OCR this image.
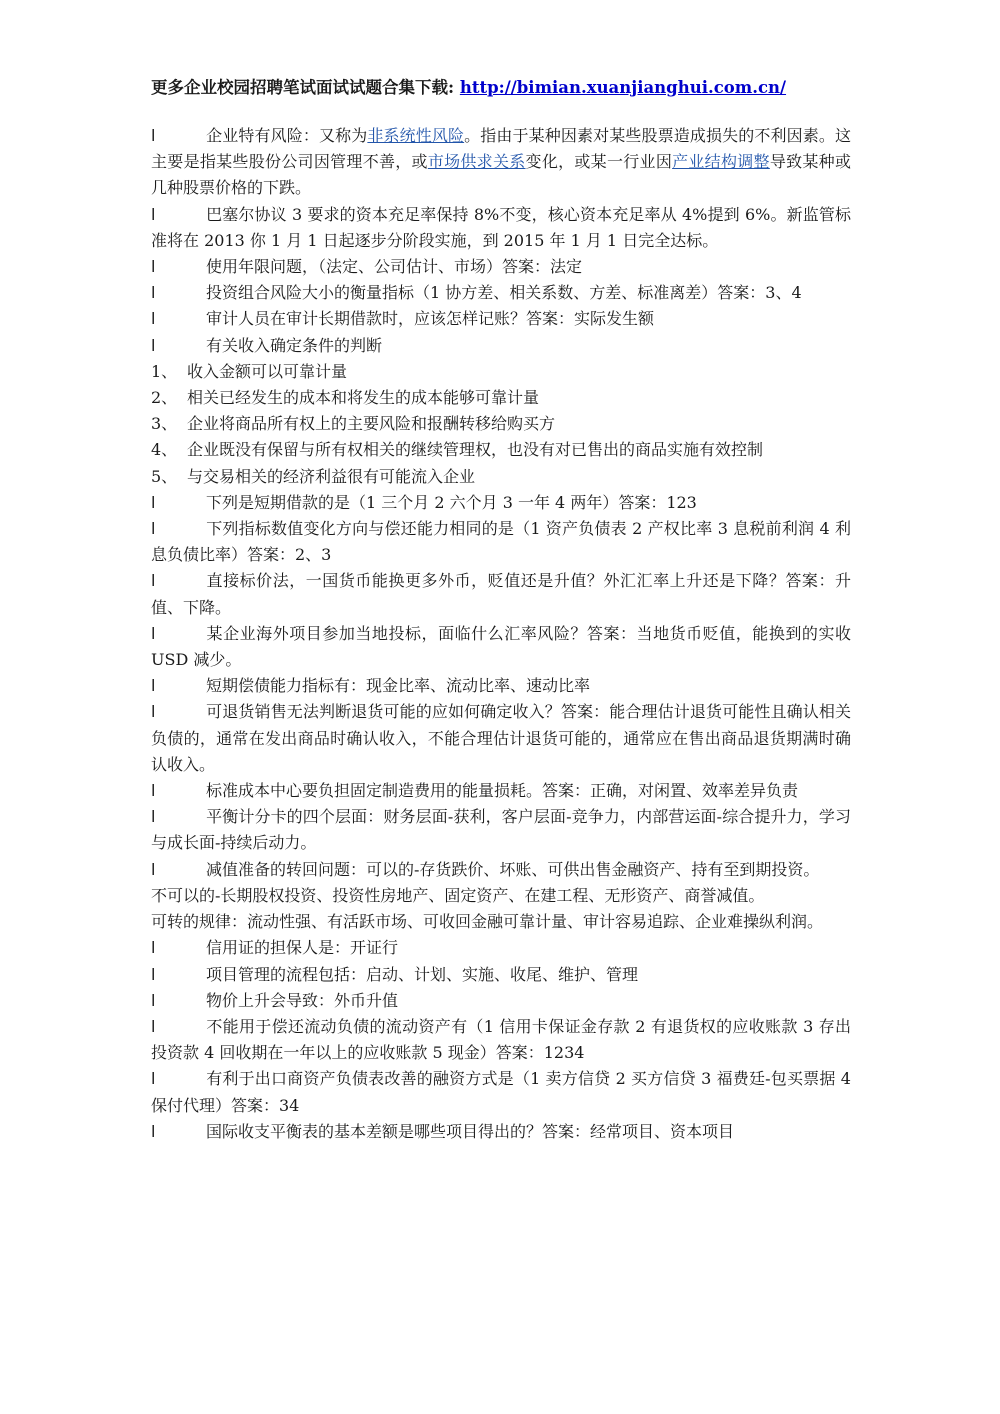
更多企业校园招聘笔试面试试题合集下载: http://bimian.xuanjianghui.com.cn/

l	企业特有风险：又称为非系统性风险。指由于某种因素对某些股票造成损失的不利因素。这主要是指某些股份公司因管理不善，或市场供求关系变化，或某一行业因产业结构调整导致某种或几种股票价格的下跌。

l	巴塞尔协议 3 要求的资本充足率保持 8%不变，核心资本充足率从 4%提到 6%。新监管标准将在 2013 你 1 月 1 日起逐步分阶段实施，到 2015 年 1 月 1 日完全达标。

l	使用年限问题，（法定、公司估计、市场）答案：法定

l	投资组合风险大小的衡量指标（1 协方差、相关系数、方差、标准离差）答案：3、4

l	审计人员在审计长期借款时，应该怎样记账？答案：实际发生额

l	有关收入确定条件的判断

1、 收入金额可以可靠计量

2、 相关已经发生的成本和将发生的成本能够可靠计量

3、 企业将商品所有权上的主要风险和报酬转移给购买方

4、 企业既没有保留与所有权相关的继续管理权，也没有对已售出的商品实施有效控制

5、 与交易相关的经济利益很有可能流入企业

l	下列是短期借款的是（1 三个月 2 六个月 3 一年 4 两年）答案：123

l	下列指标数值变化方向与偿还能力相同的是（1 资产负债表 2 产权比率 3 息税前利润 4 利息负债比率）答案：2、3

l	直接标价法，一国货币能换更多外币，贬值还是升值？外汇汇率上升还是下降？答案：升值、下降。

l	某企业海外项目参加当地投标，面临什么汇率风险？答案：当地货币贬值，能换到的实收 USD 减少。

l	短期偿债能力指标有：现金比率、流动比率、速动比率

l	可退货销售无法判断退货可能的应如何确定收入？答案：能合理估计退货可能性且确认相关负债的，通常在发出商品时确认收入，不能合理估计退货可能的，通常应在售出商品退货期满时确认收入。

l	标准成本中心要负担固定制造费用的能量损耗。答案：正确，对闲置、效率差异负责

l	平衡计分卡的四个层面：财务层面-获利，客户层面-竞争力，内部营运面-综合提升力，学习与成长面-持续后动力。

l	减值准备的转回问题：可以的-存货跌价、坏账、可供出售金融资产、持有至到期投资。

不可以的-长期股权投资、投资性房地产、固定资产、在建工程、无形资产、商誉减值。

可转的规律：流动性强、有活跃市场、可收回金融可靠计量、审计容易追踪、企业难操纵利润。

l	信用证的担保人是：开证行

l	项目管理的流程包括：启动、计划、实施、收尾、维护、管理

l	物价上升会导致：外币升值

l	不能用于偿还流动负债的流动资产有（1 信用卡保证金存款 2 有退货权的应收账款 3 存出投资款 4 回收期在一年以上的应收账款 5 现金）答案：1234

l	有利于出口商资产负债表改善的融资方式是（1 卖方信贷 2 买方信贷 3 福费廷-包买票据 4 保付代理）答案：34

l	国际收支平衡表的基本差额是哪些项目得出的？答案：经常项目、资本项目
